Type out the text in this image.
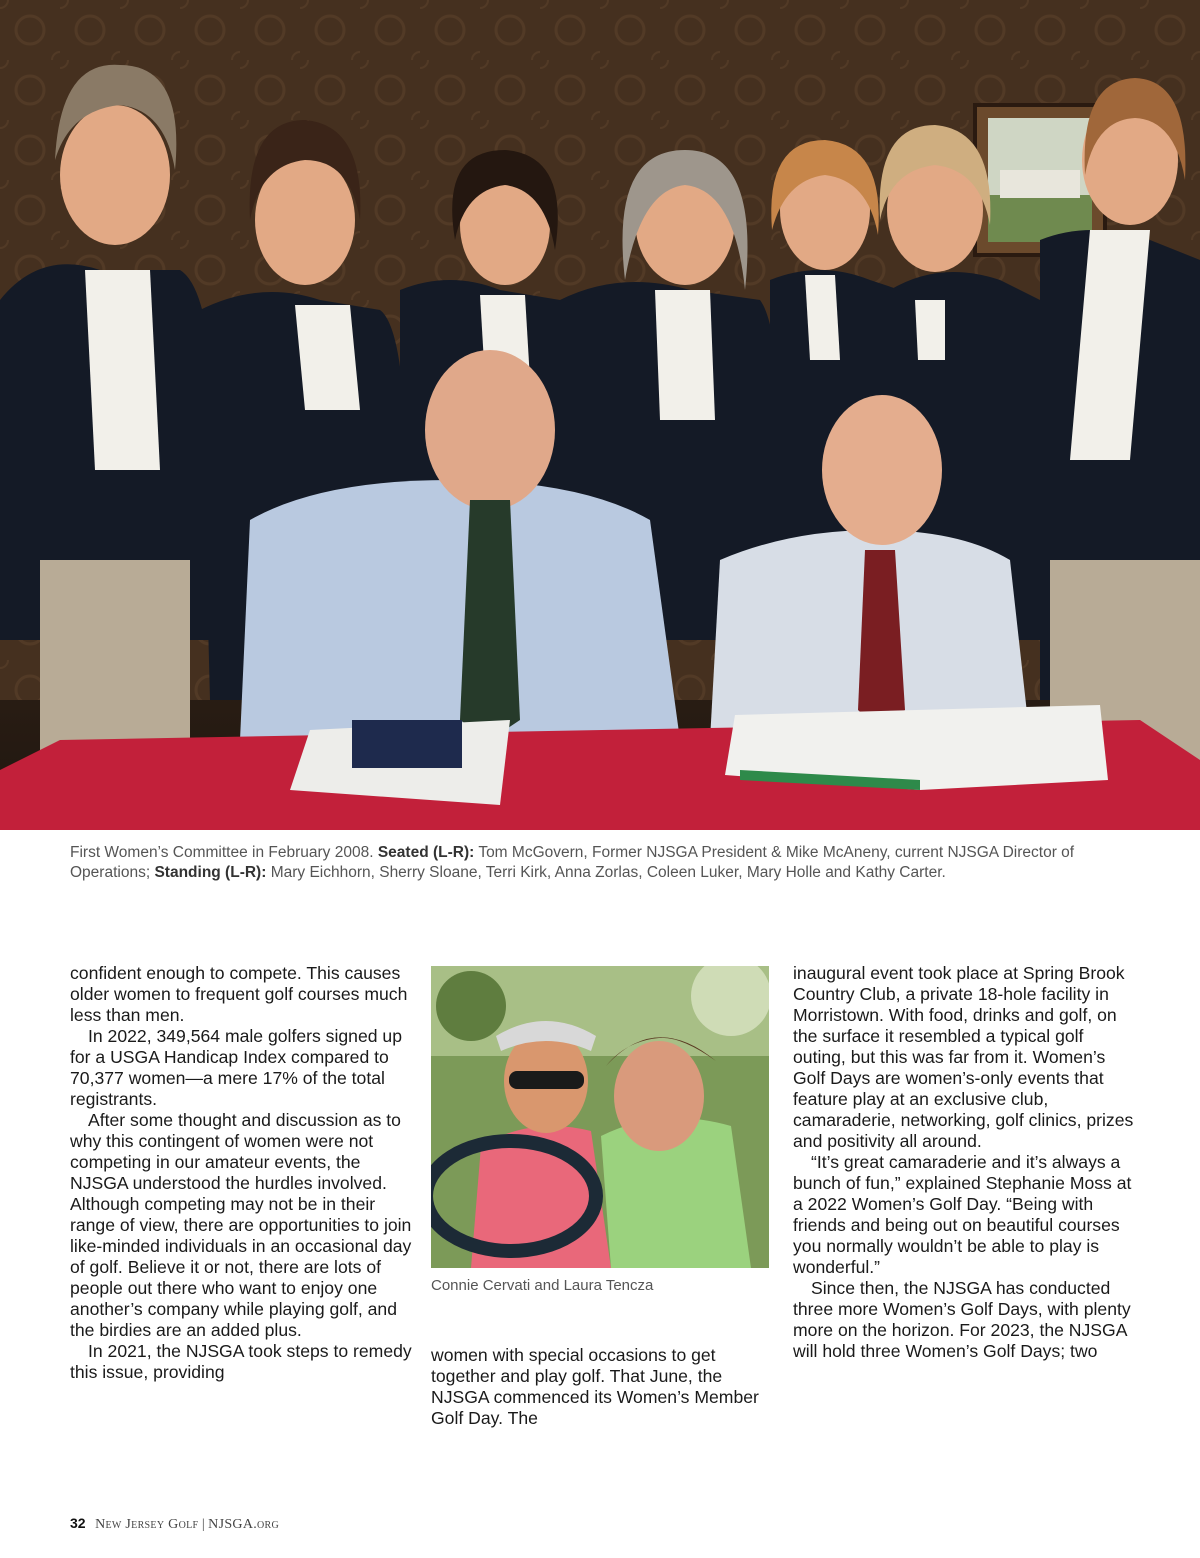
First Women’s Committee in February 2008. Seated (L-R): Tom McGovern, Former NJSGA President & Mike McAneny, current NJSGA Director of Operations; Standing (L-R): Mary Eichhorn, Sherry Sloane, Terri Kirk, Anna Zorlas, Coleen Luker, Mary Holle and Kathy Carter.

confident enough to compete. This causes older women to frequent golf courses much less than men.

In 2022, 349,564 male golfers signed up for a USGA Handicap Index compared to 70,377 women—a mere 17% of the total registrants.

After some thought and discussion as to why this contingent of women were not competing in our amateur events, the NJSGA understood the hurdles involved. Although competing may not be in their range of view, there are opportunities to join like-minded individuals in an occasional day of golf. Believe it or not, there are lots of people out there who want to enjoy one another’s company while playing golf, and the birdies are an added plus.

In 2021, the NJSGA took steps to remedy this issue, providing

Connie Cervati and Laura Tencza

women with special occasions to get together and play golf. That June, the NJSGA commenced its Women’s Member Golf Day. The

inaugural event took place at Spring Brook Country Club, a private 18-hole facility in Morristown. With food, drinks and golf, on the surface it resembled a typical golf outing, but this was far from it. Women’s Golf Days are women’s-only events that feature play at an exclusive club, camaraderie, networking, golf clinics, prizes and positivity all around.

“It’s great camaraderie and it’s always a bunch of fun,” explained Stephanie Moss at a 2022 Women’s Golf Day. “Being with friends and being out on beautiful courses you normally wouldn’t be able to play is wonderful.”

Since then, the NJSGA has conducted three more Women’s Golf Days, with plenty more on the horizon. For 2023, the NJSGA will hold three Women’s Golf Days; two

32 New Jersey Golf | NJSGA.org
